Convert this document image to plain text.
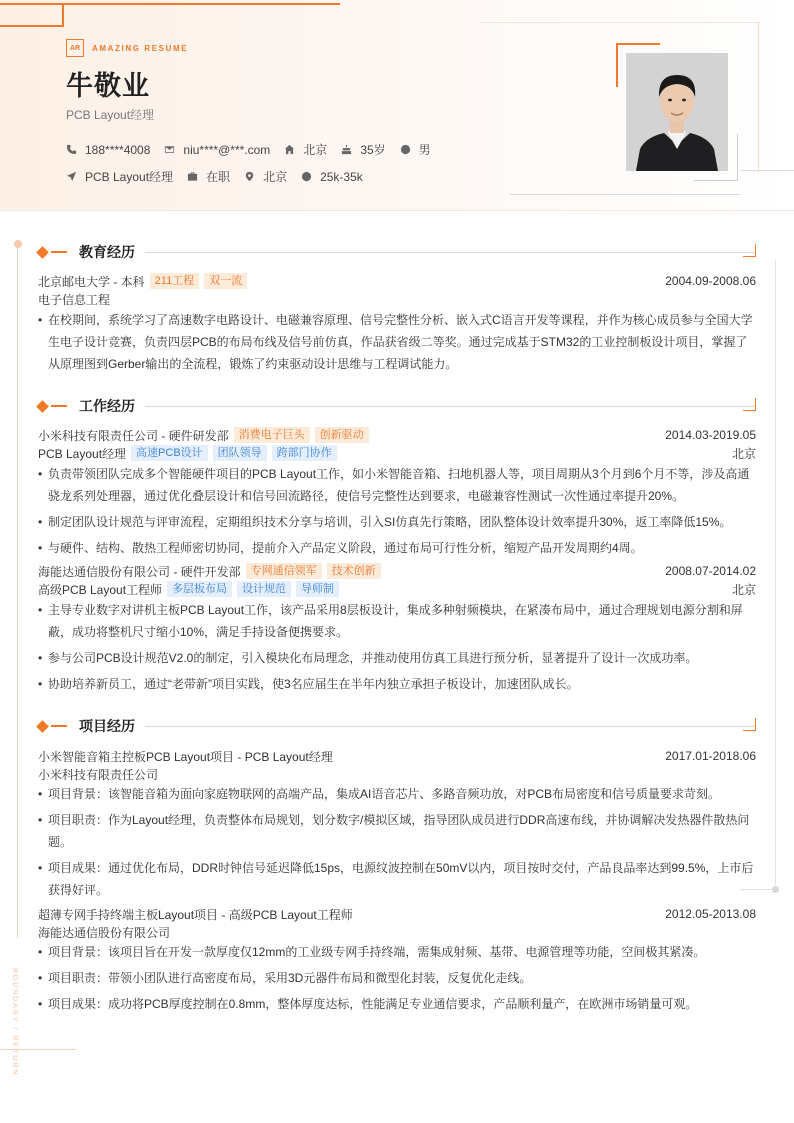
AR	AMAZING RESUME
牛敬业
PCB Layout经理
188****4008	niu****@***.com	北京	35岁	男
PCB Layout经理	在职	北京	25k-35k
BOUNDARY / RETURN
教育经历
北京邮电大学 - 本科 211工程	双一流	2004.09-2008.06
电子信息工程
• 在校期间，系统学习了高速数字电路设计、电磁兼容原理、信号完整性分析、嵌入式C语言开发等课程，并作为核心成员参与全国大学生电子设计竞赛，负责四层PCB的布局布线及信号前仿真，作品获省级二等奖。通过完成基于STM32的工业控制板设计项目，掌握了从原理图到Gerber输出的全流程，锻炼了约束驱动设计思维与工程调试能力。
工作经历
小米科技有限责任公司 - 硬件研发部 消费电子巨头	创新驱动	2014.03-2019.05
PCB Layout经理 高速PCB设计	团队领导	跨部门协作	北京
• 负责带领团队完成多个智能硬件项目的PCB Layout工作，如小米智能音箱、扫地机器人等，项目周期从3个月到6个月不等，涉及高通骁龙系列处理器，通过优化叠层设计和信号回流路径，使信号完整性达到要求，电磁兼容性测试一次性通过率提升20%。
• 制定团队设计规范与评审流程，定期组织技术分享与培训，引入SI仿真先行策略，团队整体设计效率提升30%，返工率降低15%。
• 与硬件、结构、散热工程师密切协同，提前介入产品定义阶段，通过布局可行性分析，缩短产品开发周期约4周。
海能达通信股份有限公司 - 硬件开发部 专网通信领军	技术创新	2008.07-2014.02
高级PCB Layout工程师 多层板布局	设计规范	导师制	北京
• 主导专业数字对讲机主板PCB Layout工作，该产品采用8层板设计，集成多种射频模块，在紧凑布局中，通过合理规划电源分割和屏蔽，成功将整机尺寸缩小10%，满足手持设备便携要求。
• 参与公司PCB设计规范V2.0的制定，引入模块化布局理念，并推动使用仿真工具进行预分析，显著提升了设计一次成功率。
• 协助培养新员工，通过“老带新”项目实践，使3名应届生在半年内独立承担子板设计，加速团队成长。
项目经历
小米智能音箱主控板PCB Layout项目 - PCB Layout经理	2017.01-2018.06
小米科技有限责任公司
• 项目背景：该智能音箱为面向家庭物联网的高端产品，集成AI语音芯片、多路音频功放，对PCB布局密度和信号质量要求苛刻。
• 项目职责：作为Layout经理，负责整体布局规划，划分数字/模拟区域，指导团队成员进行DDR高速布线，并协调解决发热器件散热问题。
• 项目成果：通过优化布局，DDR时钟信号延迟降低15ps，电源纹波控制在50mV以内，项目按时交付，产品良品率达到99.5%，上市后获得好评。
超薄专网手持终端主板Layout项目 - 高级PCB Layout工程师	2012.05-2013.08
海能达通信股份有限公司
• 项目背景：该项目旨在开发一款厚度仅12mm的工业级专网手持终端，需集成射频、基带、电源管理等功能，空间极其紧凑。
• 项目职责：带领小团队进行高密度布局，采用3D元器件布局和微型化封装，反复优化走线。
• 项目成果：成功将PCB厚度控制在0.8mm，整体厚度达标，性能满足专业通信要求，产品顺利量产，在欧洲市场销量可观。
